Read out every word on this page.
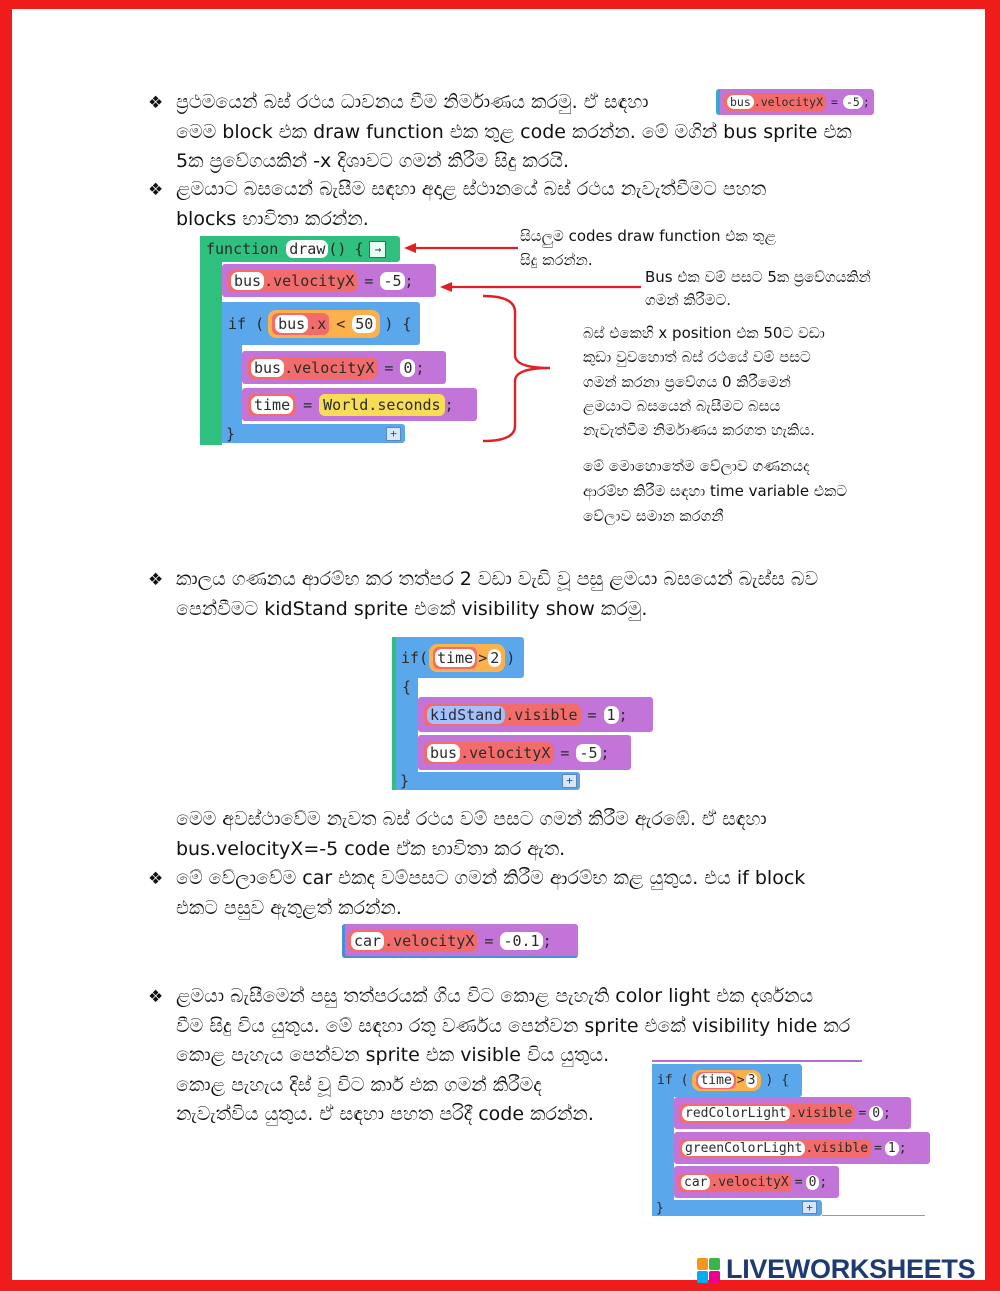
❖ ප්‍රථමයෙන් බස් රථය ධාවනය වීම නිර්මාණය කරමු. ඒ සඳහා
මෙම block එක draw function එක තුළ code කරන්න. මේ මගින් bus sprite එක
5ක ප්‍රවේගයකින් -x දිශාවට ගමන් කිරීම සිදු කරයි.
bus .velocityX = -5 ;
❖ ළමයාට බසයෙන් බැසීම සඳහා අදාළ ස්ථානයේ බස් රථය නැවැත්වීමට පහත
blocks භාවිතා කරන්න.
function draw () {	→
bus .velocityX = -5 ;
if ( bus .x < 50 ) {
bus .velocityX = 0 ;
time = World.seconds ;
}	+
සියලුම codes draw function එක තුළ
සිදු කරන්න.
Bus එක වම් පසට 5ක ප්‍රවේගයකින්
ගමන් කිරීමට.
බස් එකෙහි x position එක 50ට වඩා
කුඩා වුවහොත් බස් රථයේ වම් පසට
ගමන් කරනා ප්‍රවේගය 0 කිරීමෙන්
ළමයාට බසයෙන් බැසීමට බසය
නැවැත්වීම නිර්මාණය කරගත හැකිය.
මේ මොහොතේම වේලාව ගණනයද
ආරම්භ කිරීම සඳහා time variable එකට
වේලාව සමාන කරගනී
❖ කාලය ගණනය ආරම්භ කර තත්පර 2 වඩා වැඩි වූ පසු ළමයා බසයෙන් බැස්ස බව
පෙන්වීමට kidStand sprite එකේ visibility show කරමු.
if ( time > 2 )
{
kidStand .visible = 1 ;
bus .velocityX = -5 ;
}	+
මෙම අවස්ථාවේම නැවත බස් රථය වම් පසට ගමන් කිරීම ඇරඹේ. ඒ සඳහා
bus.velocityX=-5 code ඒක භාවිතා කර ඇත.
❖ මේ වේලාවේම car එකද වම්පසට ගමන් කිරීම ආරම්භ කළ යුතුය. එය if block
එකට පසුව ඇතුළත් කරන්න.
car .velocityX = -0.1 ;
❖ ළමයා බැසීමෙන් පසු තත්පරයක් ගිය විට කොළ පැහැති color light එක දර්ශනය
වීම සිදු විය යුතුය. මේ සඳහා රතු වර්ණය පෙන්වන sprite එකේ visibility hide කර
කොළ පැහැය පෙන්වන sprite එක visible විය යුතුය.
කොළ පැහැය දිස් වූ විට කාර් එක ගමන් කිරීමද
නැවැත්විය යුතුය. ඒ සඳහා පහත පරිදී code කරන්න.
if ( time > 3 ) {
redColorLight .visible = 0 ;
greenColorLight .visible = 1 ;
car .velocityX = 0 ;
}	+
LIVEWORKSHEETS
